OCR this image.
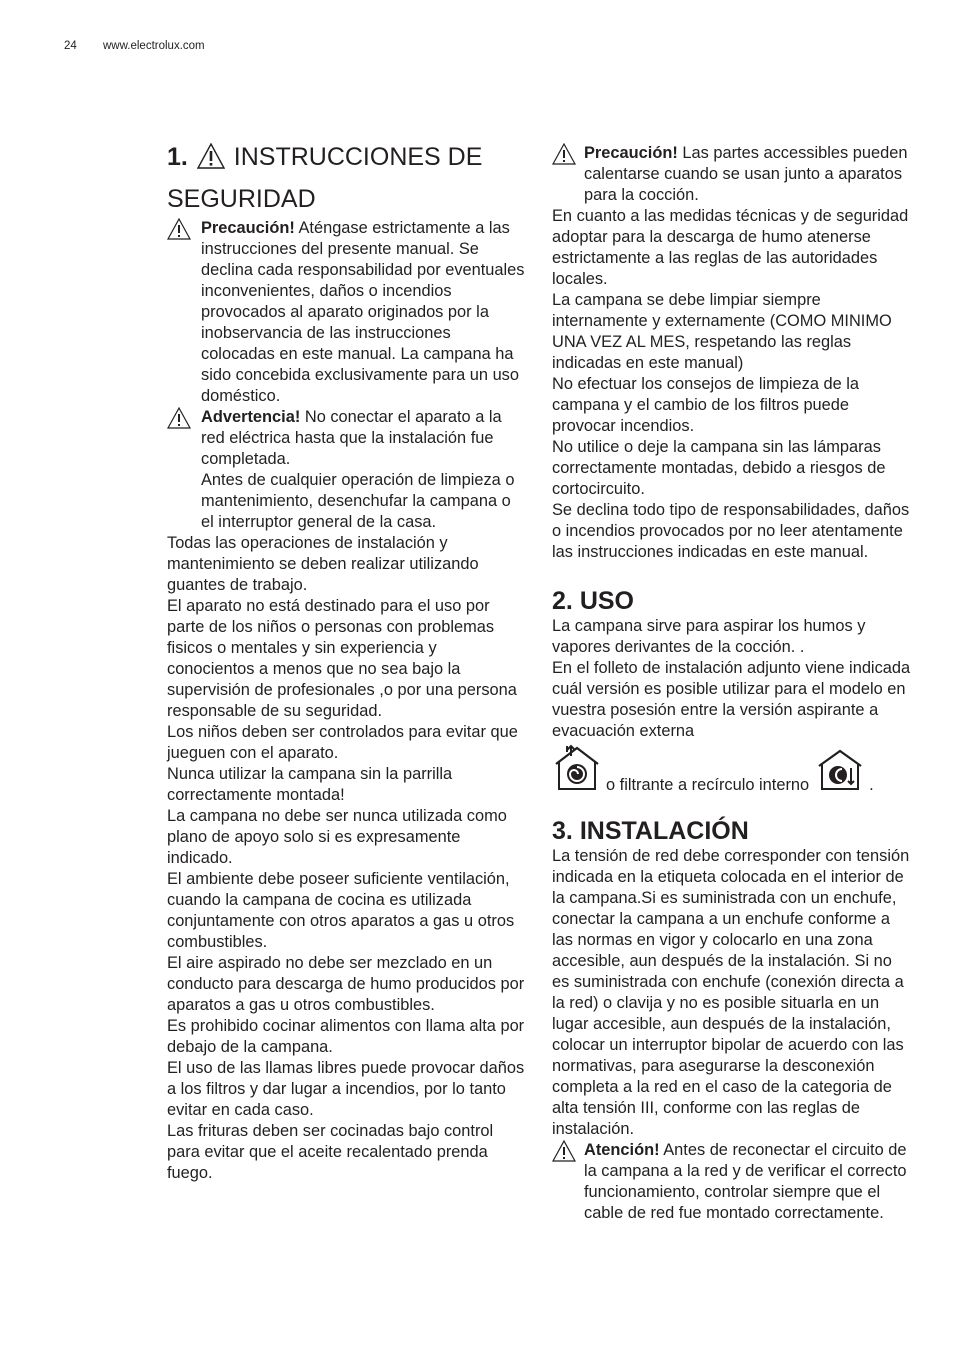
24 www.electrolux.com
1. INSTRUCCIONES DE
SEGURIDAD
Precaución! Aténgase estrictamente a las instrucciones del presente manual. Se declina cada responsabilidad por eventuales inconvenientes, daños o incendios provocados al aparato originados por la inobservancia de las instrucciones colocadas en este manual. La campana ha sido concebida exclusivamente para un uso doméstico.
Advertencia! No conectar el aparato a la red eléctrica hasta que la instalación fue completada.

Antes de cualquier operación de limpieza o mantenimiento, desenchufar la campana o el interruptor general de la casa.

Todas las operaciones de instalación y mantenimiento se deben realizar utilizando guantes de trabajo.

El aparato no está destinado para el uso por parte de los niños o personas con problemas fisicos o mentales y sin experiencia y conocientos a menos que no sea bajo la supervisión de profesionales ,o por una persona responsable de su seguridad.

Los niños deben ser controlados para evitar que jueguen con el aparato.

Nunca utilizar la campana sin la parrilla correctamente montada!

La campana no debe ser nunca utilizada como plano de apoyo solo si es expresamente indicado.

El ambiente debe poseer suficiente ventilación, cuando la campana de cocina es utilizada conjuntamente con otros aparatos a gas u otros combustibles.

El aire aspirado no debe ser mezclado en un conducto para descarga de humo producidos por aparatos a gas u otros combustibles.

Es prohibido cocinar alimentos con llama alta por debajo de la campana.

El uso de las llamas libres puede provocar daños a los filtros y dar lugar a incendios, por lo tanto evitar en cada caso.

Las frituras deben ser cocinadas bajo control para evitar que el aceite recalentado prenda fuego.

Precaución! Las partes accessibles pueden calentarse cuando se usan junto a aparatos para la cocción.

En cuanto a las medidas técnicas y de seguridad adoptar para la descarga de humo atenerse estrictamente a las reglas de las autoridades locales.

La campana se debe limpiar siempre internamente y externamente (COMO MINIMO UNA VEZ AL MES, respetando las reglas indicadas en este manual)

No efectuar los consejos de limpieza de la campana y el cambio de los filtros puede provocar incendios.

No utilice o deje la campana sin las lámparas correctamente montadas, debido a riesgos de cortocircuito.

Se declina todo tipo de responsabilidades, daños o incendios provocados por no leer atentamente las instrucciones indicadas en este manual.

2. USO

La campana sirve para aspirar los humos y vapores derivantes de la cocción. .

En el folleto de instalación adjunto viene indicada cuál versión es posible utilizar para el modelo en vuestra posesión entre la versión aspirante a evacuación externa

o filtrante a recírculo interno	.
3. INSTALACIÓN

La tensión de red debe corresponder con tensión indicada en la etiqueta colocada en el interior de la campana.Si es suministrada con un enchufe, conectar la campana a un enchufe conforme a las normas en vigor y colocarlo en una zona accesible, aun después de la instalación. Si no es suministrada con enchufe (conexión directa a la red) o clavija y no es posible situarla en un lugar accesible, aun después de la instalación, colocar un interruptor bipolar de acuerdo con las normativas, para asegurarse la desconexión completa a la red en el caso de la categoria de alta tensión III, conforme con las reglas de instalación.

Atención! Antes de reconectar el circuito de la campana a la red y de verificar el correcto funcionamiento, controlar siempre que el cable de red fue montado correctamente.
